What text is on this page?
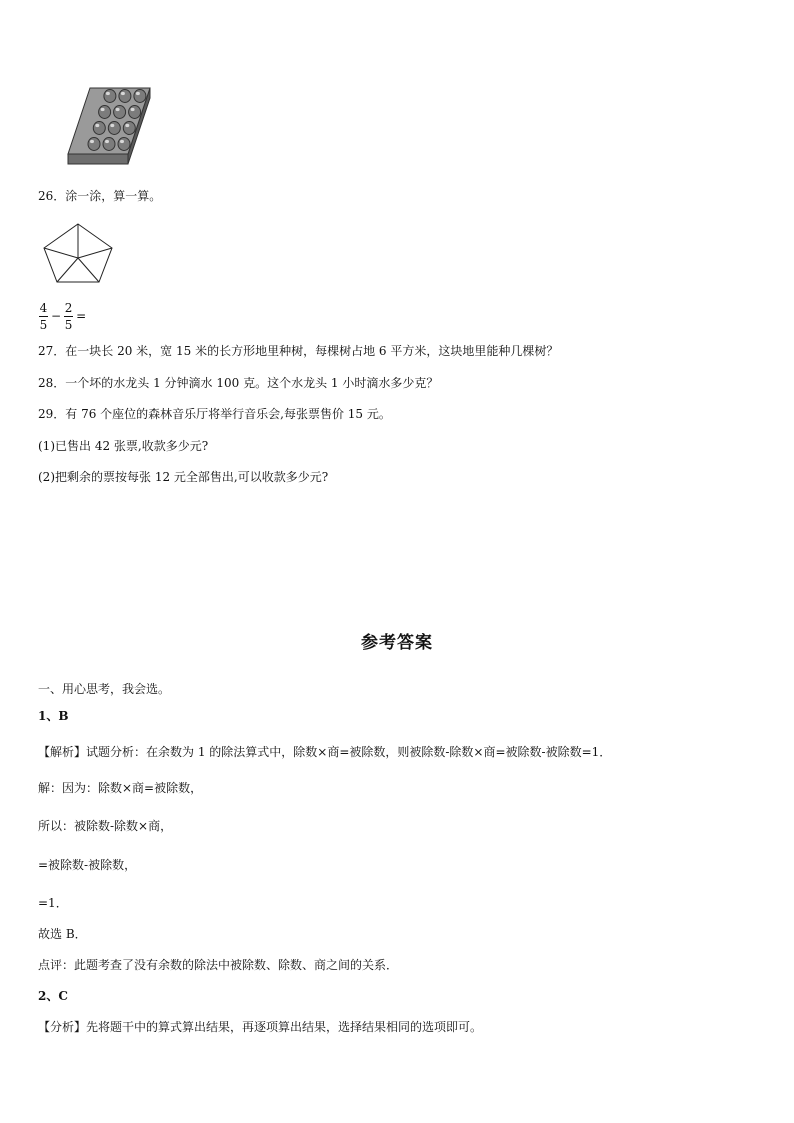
26．涂一涂，算一算。
$\frac{4}{5} - \frac{2}{5}$ =
27．在一块长 20 米，宽 15 米的长方形地里种树，每棵树占地 6 平方米，这块地里能种几棵树？
28．一个坏的水龙头 1 分钟滴水 100 克。这个水龙头 1 小时滴水多少克？
29．有 76 个座位的森林音乐厅将举行音乐会,每张票售价 15 元。
(1)已售出 42 张票,收款多少元?
(2)把剩余的票按每张 12 元全部售出,可以收款多少元?
参考答案
一、用心思考，我会选。
1、B
【解析】试题分析：在余数为 1 的除法算式中，除数×商=被除数，则被除数-除数×商=被除数-被除数=1．
解：因为：除数×商=被除数，
所以：被除数-除数×商，
=被除数-被除数，
=1．
故选 B．
点评：此题考查了没有余数的除法中被除数、除数、商之间的关系．
2、C
【分析】先将题干中的算式算出结果，再逐项算出结果，选择结果相同的选项即可。
